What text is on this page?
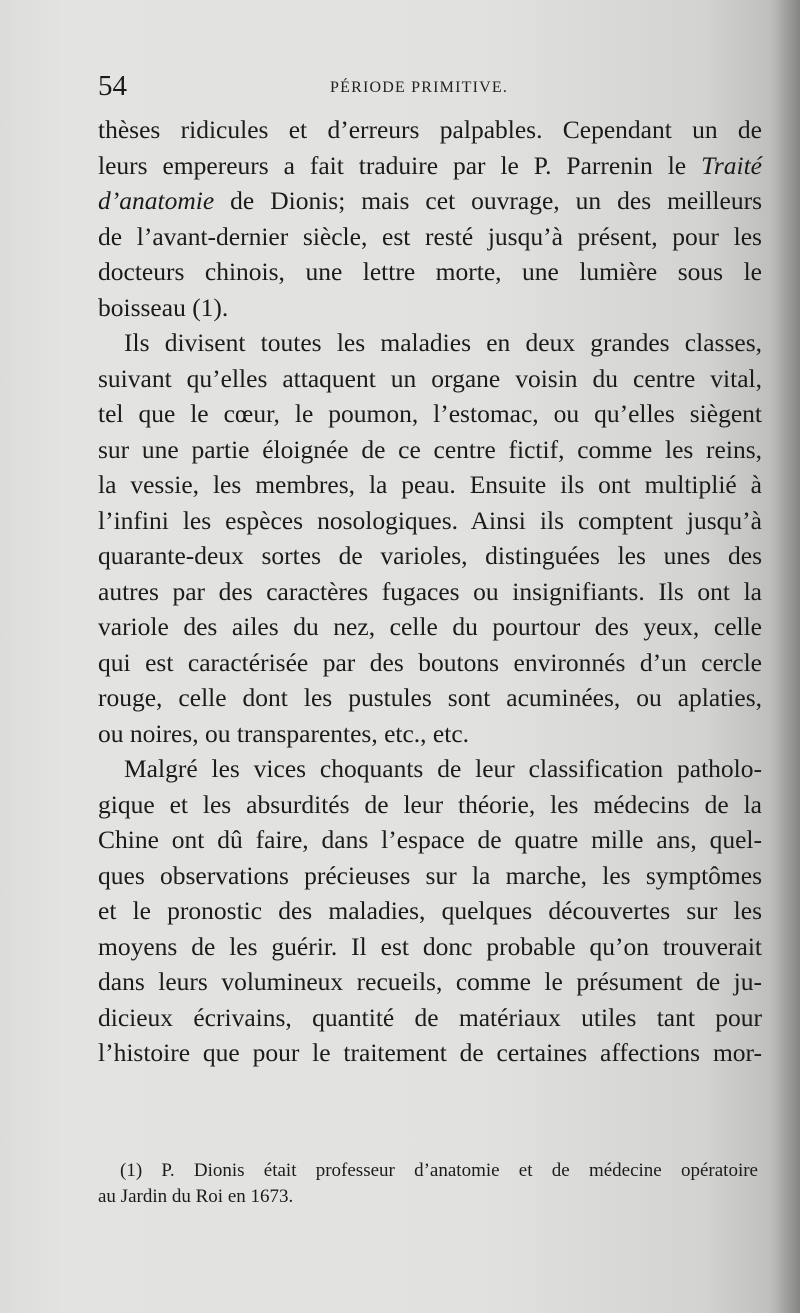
54	PÉRIODE PRIMITIVE.
thèses ridicules et d’erreurs palpables. Cependant un de
leurs empereurs a fait traduire par le P. Parrenin le Traité
d’anatomie de Dionis; mais cet ouvrage, un des meilleurs
de l’avant-dernier siècle, est resté jusqu’à présent, pour les
docteurs chinois, une lettre morte, une lumière sous le
boisseau (1).
Ils divisent toutes les maladies en deux grandes classes,
suivant qu’elles attaquent un organe voisin du centre vital,
tel que le cœur, le poumon, l’estomac, ou qu’elles siègent
sur une partie éloignée de ce centre fictif, comme les reins,
la vessie, les membres, la peau. Ensuite ils ont multiplié à
l’infini les espèces nosologiques. Ainsi ils comptent jusqu’à
quarante-deux sortes de varioles, distinguées les unes des
autres par des caractères fugaces ou insignifiants. Ils ont la
variole des ailes du nez, celle du pourtour des yeux, celle
qui est caractérisée par des boutons environnés d’un cercle
rouge, celle dont les pustules sont acuminées, ou aplaties,
ou noires, ou transparentes, etc., etc.
Malgré les vices choquants de leur classification patholo-
gique et les absurdités de leur théorie, les médecins de la
Chine ont dû faire, dans l’espace de quatre mille ans, quel-
ques observations précieuses sur la marche, les symptômes
et le pronostic des maladies, quelques découvertes sur les
moyens de les guérir. Il est donc probable qu’on trouverait
dans leurs volumineux recueils, comme le présument de ju-
dicieux écrivains, quantité de matériaux utiles tant pour
l’histoire que pour le traitement de certaines affections mor-
(1) P. Dionis était professeur d’anatomie et de médecine opératoire
au Jardin du Roi en 1673.
